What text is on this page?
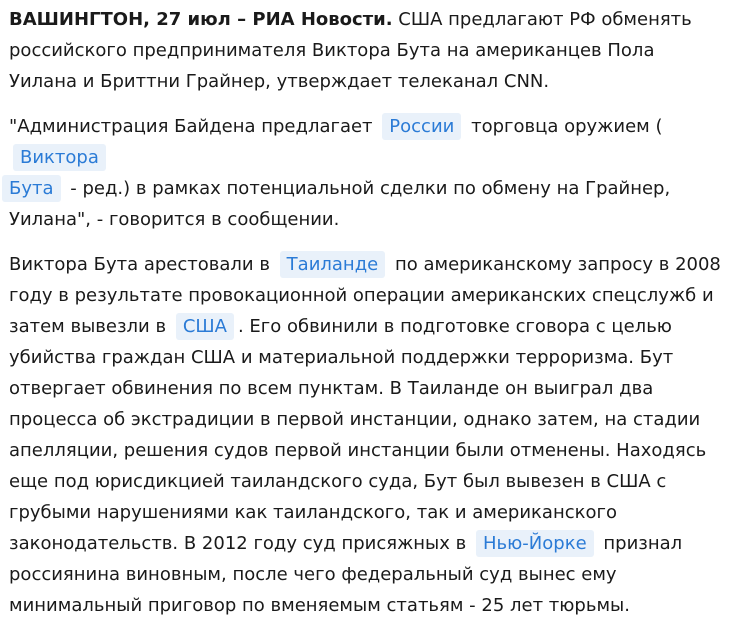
ВАШИНГТОН, 27 июл – РИА Новости. США предлагают РФ обменять российского предпринимателя Виктора Бута на американцев Пола Уилана и Бриттни Грайнер, утверждает телеканал CNN.

"Администрация Байдена предлагает России торговца оружием (Виктора
Бута - ред.) в рамках потенциальной сделки по обмену на Грайнер, Уилана", - говорится в сообщении.

Виктора Бута арестовали в Таиланде по американскому запросу в 2008 году в результате провокационной операции американских спецслужб и затем вывезли в США . Его обвинили в подготовке сговора с целью убийства граждан США и материальной поддержки терроризма. Бут отвергает обвинения по всем пунктам. В Таиланде он выиграл два процесса об экстрадиции в первой инстанции, однако затем, на стадии апелляции, решения судов первой инстанции были отменены. Находясь еще под юрисдикцией таиландского суда, Бут был вывезен в США с грубыми нарушениями как таиландского, так и американского законодательств. В 2012 году суд присяжных в Нью-Йорке признал россиянина виновным, после чего федеральный суд вынес ему минимальный приговор по вменяемым статьям - 25 лет тюрьмы.
